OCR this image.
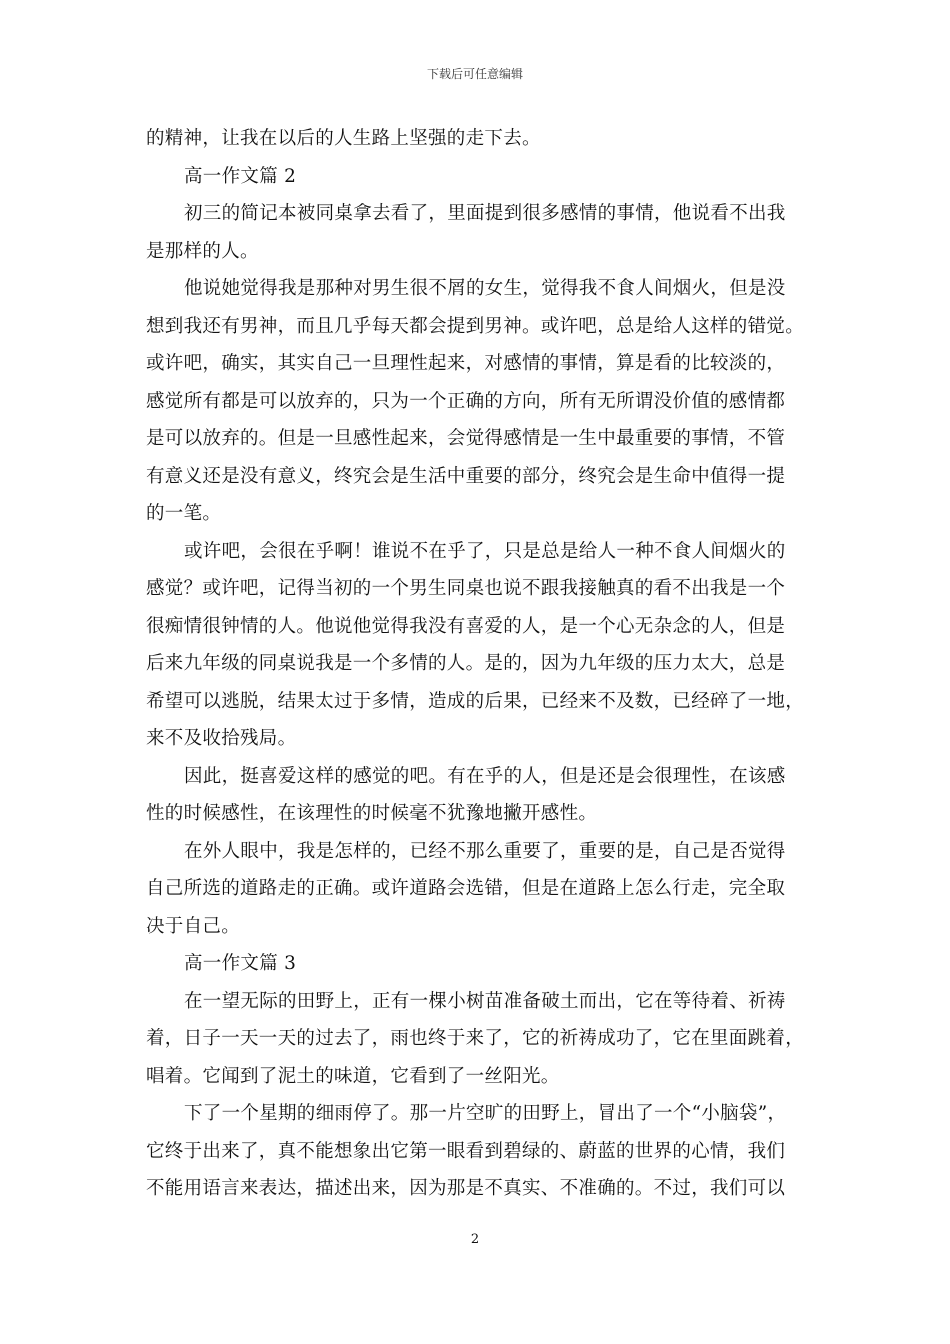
下载后可任意编辑
的精神，让我在以后的人生路上坚强的走下去。
高一作文篇 2
初三的简记本被同桌拿去看了，里面提到很多感情的事情，他说看不出我
是那样的人。
他说她觉得我是那种对男生很不屑的女生，觉得我不食人间烟火，但是没
想到我还有男神，而且几乎每天都会提到男神。或许吧，总是给人这样的错觉。
或许吧，确实，其实自己一旦理性起来，对感情的事情，算是看的比较淡的，
感觉所有都是可以放弃的，只为一个正确的方向，所有无所谓没价值的感情都
是可以放弃的。但是一旦感性起来，会觉得感情是一生中最重要的事情，不管
有意义还是没有意义，终究会是生活中重要的部分，终究会是生命中值得一提
的一笔。
或许吧，会很在乎啊！谁说不在乎了，只是总是给人一种不食人间烟火的
感觉？或许吧，记得当初的一个男生同桌也说不跟我接触真的看不出我是一个
很痴情很钟情的人。他说他觉得我没有喜爱的人，是一个心无杂念的人，但是
后来九年级的同桌说我是一个多情的人。是的，因为九年级的压力太大，总是
希望可以逃脱，结果太过于多情，造成的后果，已经来不及数，已经碎了一地，
来不及收拾残局。
因此，挺喜爱这样的感觉的吧。有在乎的人，但是还是会很理性，在该感
性的时候感性，在该理性的时候毫不犹豫地撇开感性。
在外人眼中，我是怎样的，已经不那么重要了，重要的是，自己是否觉得
自己所选的道路走的正确。或许道路会选错，但是在道路上怎么行走，完全取
决于自己。
高一作文篇 3
在一望无际的田野上，正有一棵小树苗准备破土而出，它在等待着、祈祷
着，日子一天一天的过去了，雨也终于来了，它的祈祷成功了，它在里面跳着，
唱着。它闻到了泥土的味道，它看到了一丝阳光。
下了一个星期的细雨停了。那一片空旷的田野上，冒出了一个“小脑袋”，
它终于出来了，真不能想象出它第一眼看到碧绿的、蔚蓝的世界的心情，我们
不能用语言来表达，描述出来，因为那是不真实、不准确的。不过，我们可以
2
